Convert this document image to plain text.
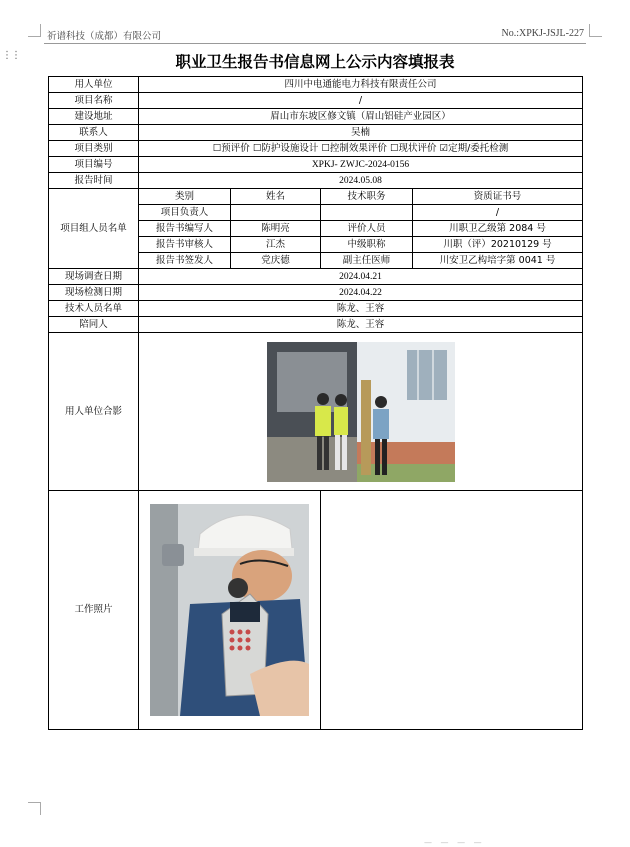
⋮⋮
祈谱科技（成都）有限公司	No.:XPKJ-JSJL-227
职业卫生报告书信息网上公示内容填报表
用人单位	四川中电通能电力科技有限责任公司			
项目名称	/			
建设地址	眉山市东坡区修文镇（眉山铝硅产业园区）			
联系人	吴楠			
项目类别	☐预评价 ☐防护设施设计 ☐控制效果评价 ☐现状评价 ☑定期/委托检测			
项目编号	XPKJ- ZWJC-2024-0156			
报告时间	2024.05.08			
项目组人员名单	类别	姓名	技术职务	资质证书号
	项目负责人			/
	报告书编写人	陈明亮	评价人员	川职卫乙级第 2084 号
	报告书审核人	江杰	中级职称	川职（评）20210129 号
	报告书签发人	党庆德	副主任医师	川安卫乙构培字第 0041 号
现场调查日期	2024.04.21			
现场检测日期	2024.04.22			
技术人员名单	陈龙、王容			
陪同人	陈龙、王容			
用人单位合影	

工作照片	

— — — —
